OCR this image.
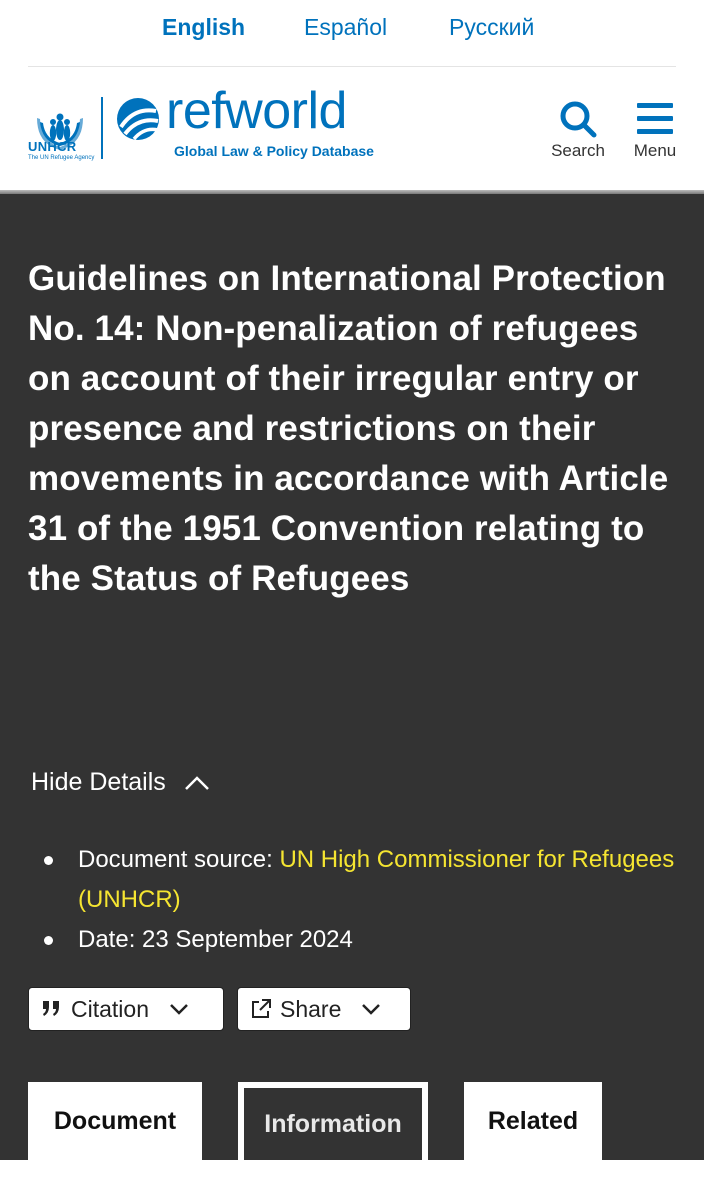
English	Español	Русский
UNHCR
The UN Refugee Agency
refworld
Global Law & Policy Database	Search	Menu
Guidelines on International Protection No. 14: Non-penalization of refugees on account of their irregular entry or presence and restrictions on their movements in accordance with Article 31 of the 1951 Convention relating to the Status of Refugees
Hide Details
Document source: UN High Commissioner for Refugees (UNHCR)
Date: 23 September 2024
Citation	Share
Document	Information	Related
